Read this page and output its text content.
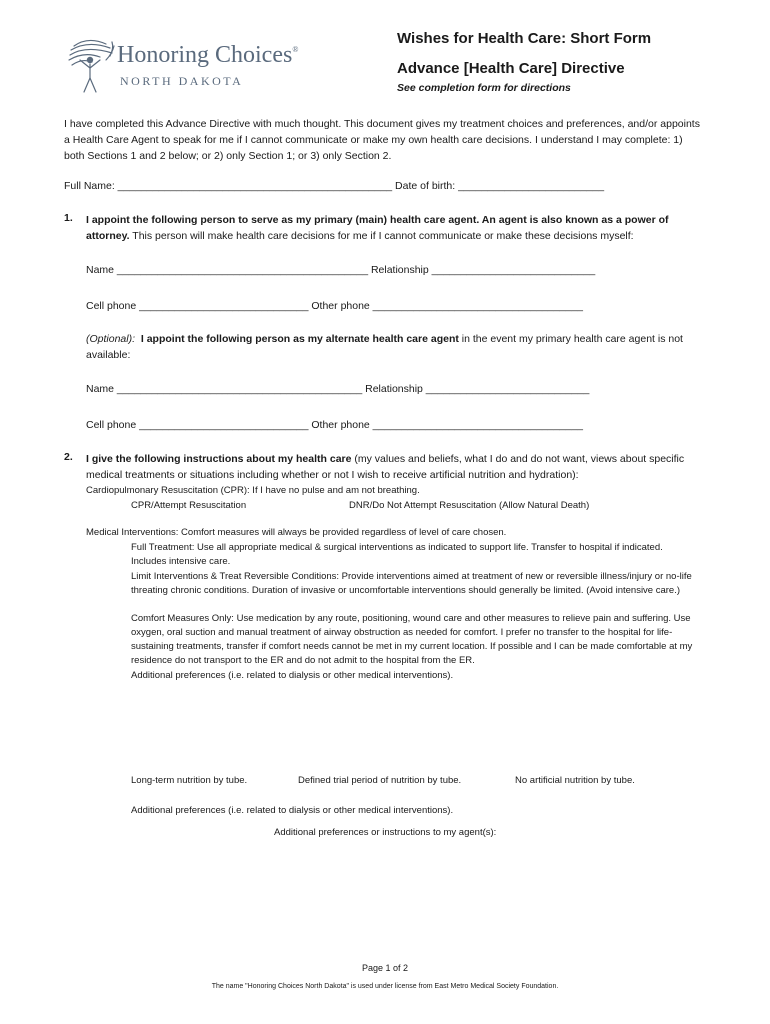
Honoring Choices®
NORTH DAKOTA
Wishes for Health Care: Short Form
Advance [Health Care] Directive
See completion form for directions
I have completed this Advance Directive with much thought. This document gives my treatment choices and preferences, and/or appoints a Health Care Agent to speak for me if I cannot communicate or make my own health care decisions. I understand I may complete: 1) both Sections 1 and 2 below; or 2) only Section 1; or 3) only Section 2.
Full Name: _______________________________________________ Date of birth: _________________________
1. I appoint the following person to serve as my primary (main) health care agent. An agent is also known as a power of attorney. This person will make health care decisions for me if I cannot communicate or make these decisions myself:
Name ___________________________________________ Relationship ____________________________
Cell phone _____________________________ Other phone ____________________________________
(Optional): I appoint the following person as my alternate health care agent in the event my primary health care agent is not available:
Name __________________________________________ Relationship ____________________________
Cell phone _____________________________ Other phone ____________________________________
2. I give the following instructions about my health care (my values and beliefs, what I do and do not want, views about specific medical treatments or situations including whether or not I wish to receive artificial nutrition and hydration):
Cardiopulmonary Resuscitation (CPR): If I have no pulse and am not breathing.
CPR/Attempt Resuscitation	DNR/Do Not Attempt Resuscitation (Allow Natural Death)
Medical Interventions: Comfort measures will always be provided regardless of level of care chosen.
Full Treatment: Use all appropriate medical & surgical interventions as indicated to support life. Transfer to hospital if indicated. Includes intensive care.
Limit Interventions & Treat Reversible Conditions: Provide interventions aimed at treatment of new or reversible illness/injury or no-life threating chronic conditions. Duration of invasive or uncomfortable interventions should generally be limited. (Avoid intensive care.)
Comfort Measures Only: Use medication by any route, positioning, wound care and other measures to relieve pain and suffering. Use oxygen, oral suction and manual treatment of airway obstruction as needed for comfort. I prefer no transfer to the hospital for life-sustaining treatments, transfer if comfort needs cannot be met in my current location. If possible and I can be made comfortable at my residence do not transport to the ER and do not admit to the hospital from the ER.
Additional preferences (i.e. related to dialysis or other medical interventions).
Long-term nutrition by tube.	Defined trial period of nutrition by tube.	No artificial nutrition by tube.
Additional preferences (i.e. related to dialysis or other medical interventions).
Additional preferences or instructions to my agent(s):
Page 1 of 2
The name "Honoring Choices North Dakota" is used under license from East Metro Medical Society Foundation.
